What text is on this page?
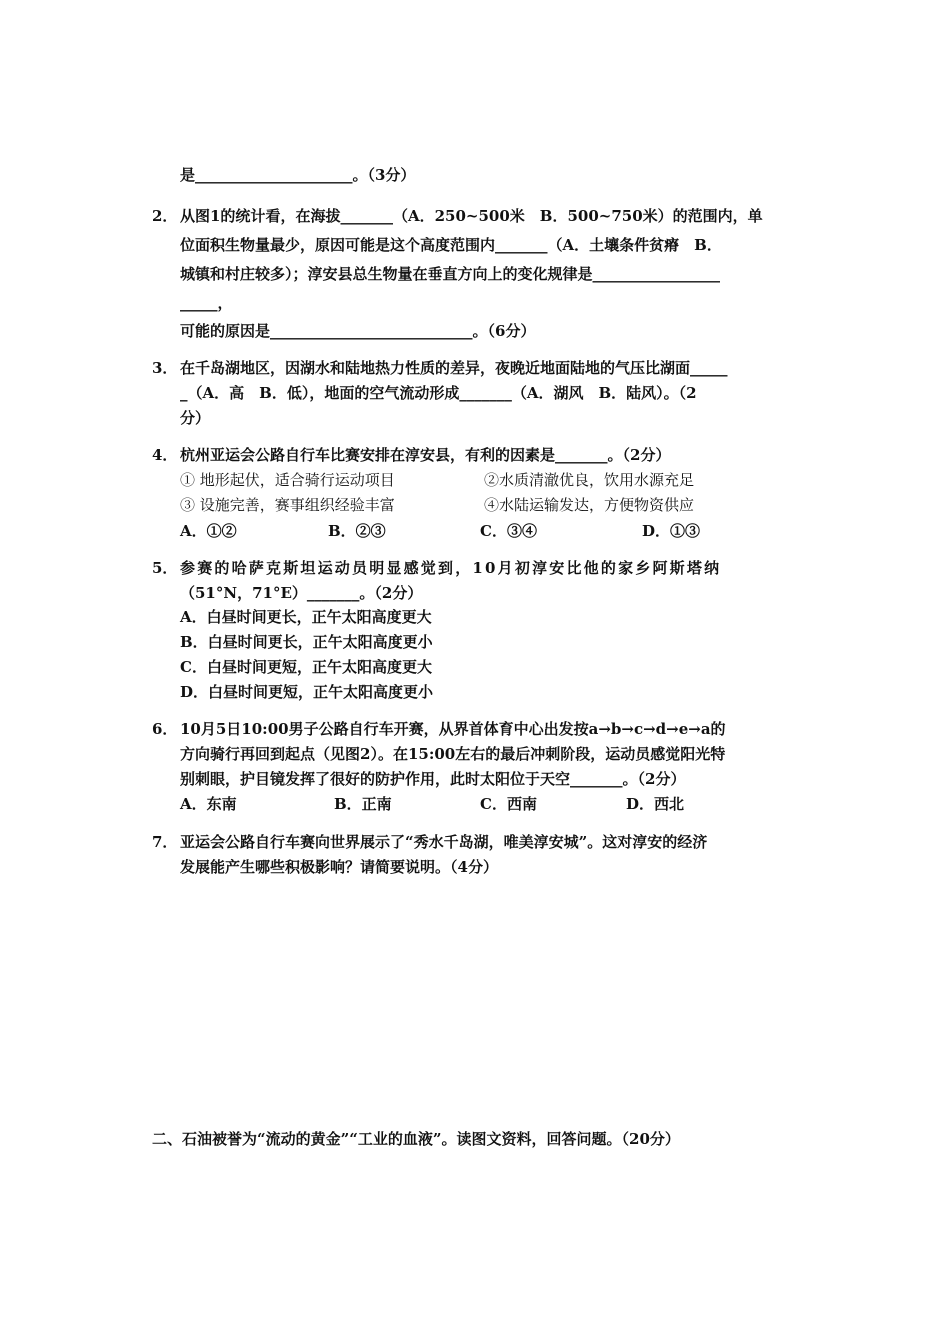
是_____________________。（3分）
2． 从图1的统计看，在海拔_______（A．250~500米　B．500~750米）的范围内，单
位面积生物量最少，原因可能是这个高度范围内_______（A．土壤条件贫瘠　B．
城镇和村庄较多）；淳安县总生物量在垂直方向上的变化规律是_________________
_____，
可能的原因是___________________________。（6分）
3． 在千岛湖地区，因湖水和陆地热力性质的差异，夜晚近地面陆地的气压比湖面_____
_（A．高　B．低），地面的空气流动形成_______（A．湖风　B．陆风）。（2
分）
4． 杭州亚运会公路自行车比赛安排在淳安县，有利的因素是_______。（2分）
① 地形起伏，适合骑行运动项目	②水质清澈优良，饮用水源充足
③ 设施完善，赛事组织经验丰富	④水陆运输发达，方便物资供应
A．①②	B．②③	C．③④	D．①③
5． 参赛的哈萨克斯坦运动员明显感觉到，10月初淳安比他的家乡阿斯塔纳
（51°N，71°E）_______。（2分）
A．白昼时间更长，正午太阳高度更大
B．白昼时间更长，正午太阳高度更小
C．白昼时间更短，正午太阳高度更大
D．白昼时间更短，正午太阳高度更小
6． 10月5日10:00男子公路自行车开赛，从界首体育中心出发按a→b→c→d→e→a的
方向骑行再回到起点（见图2）。在15:00左右的最后冲刺阶段，运动员感觉阳光特
别刺眼，护目镜发挥了很好的防护作用，此时太阳位于天空_______。（2分）
A．东南	B．正南	C．西南	D．西北
7． 亚运会公路自行车赛向世界展示了“秀水千岛湖，唯美淳安城”。这对淳安的经济
发展能产生哪些积极影响？请简要说明。（4分）
二、石油被誉为“流动的黄金”“工业的血液”。读图文资料，回答问题。（20分）
